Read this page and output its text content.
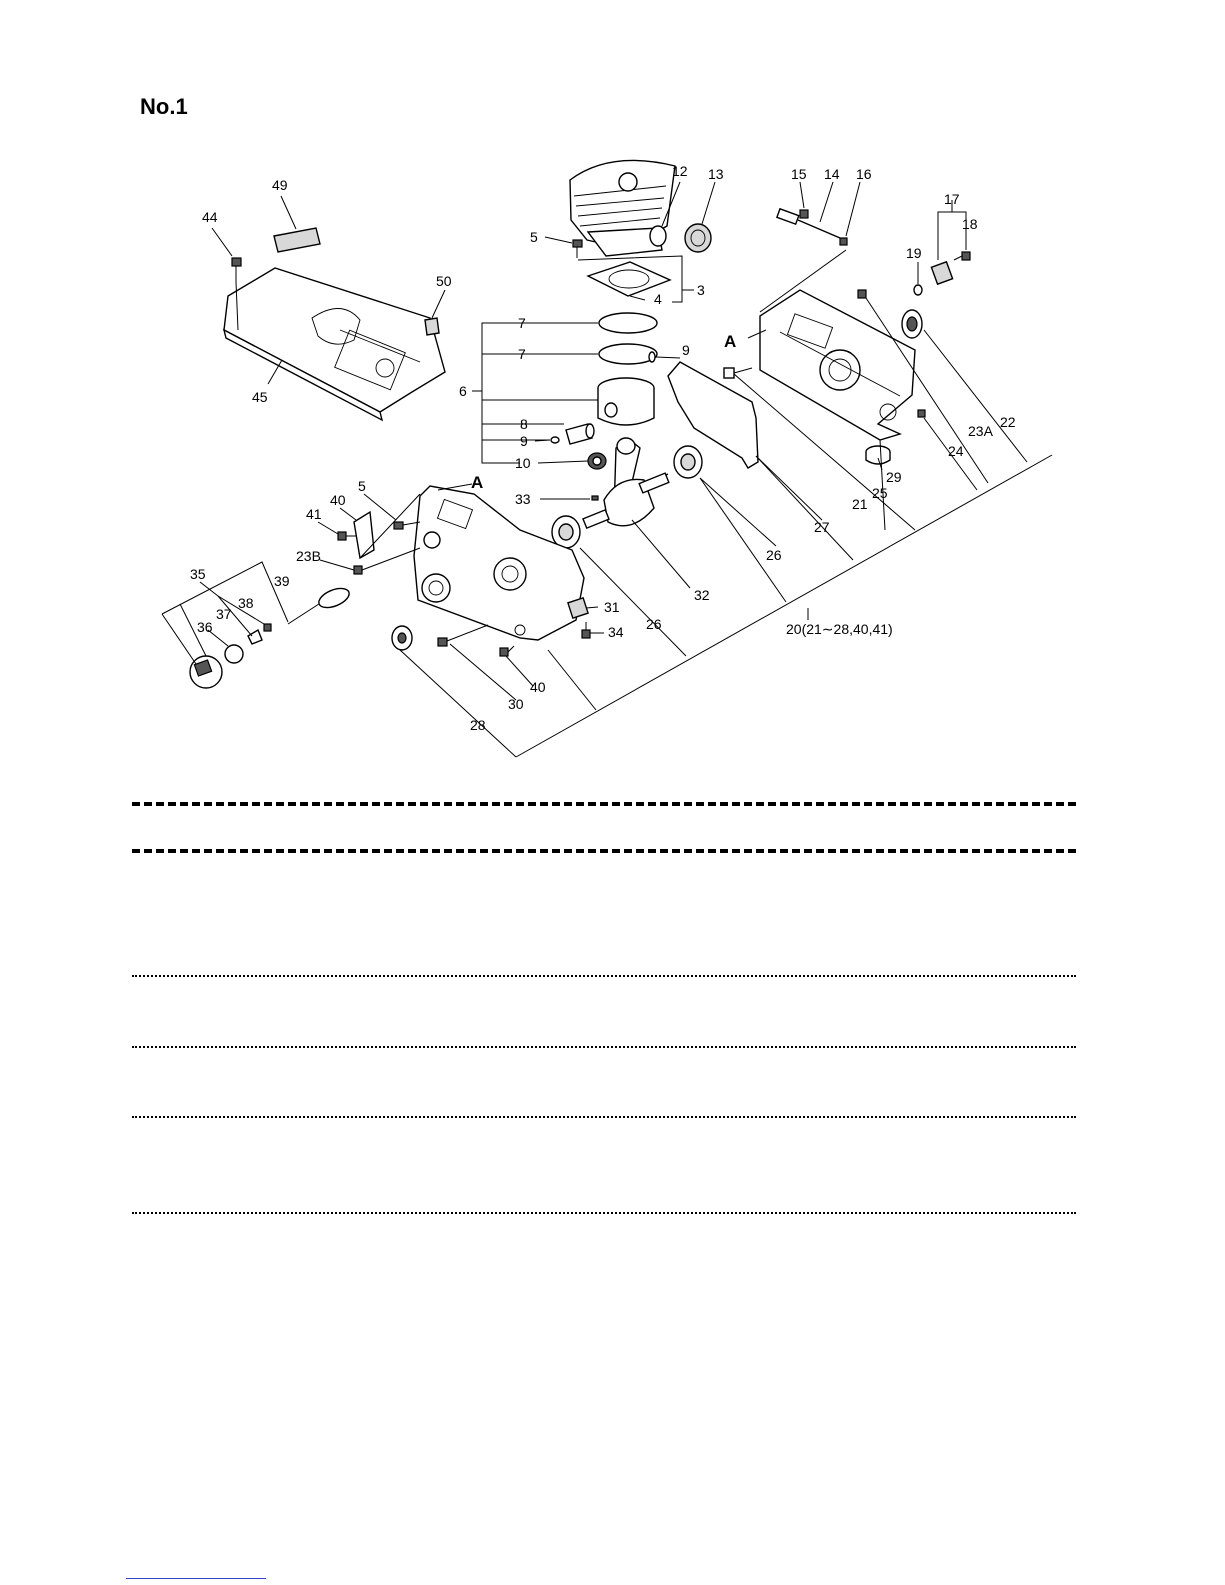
No.1
49
44
50
45
12 13
5
3
4
7
7	9
6
8
9
10
33
32
15 14 16
17
18
19
A
23A
22
24
29
25
21
27
26
20(21∼28,40,41)
26
A
5
40
41
23B
35	39
38
37
36
31
34
40
30
28
